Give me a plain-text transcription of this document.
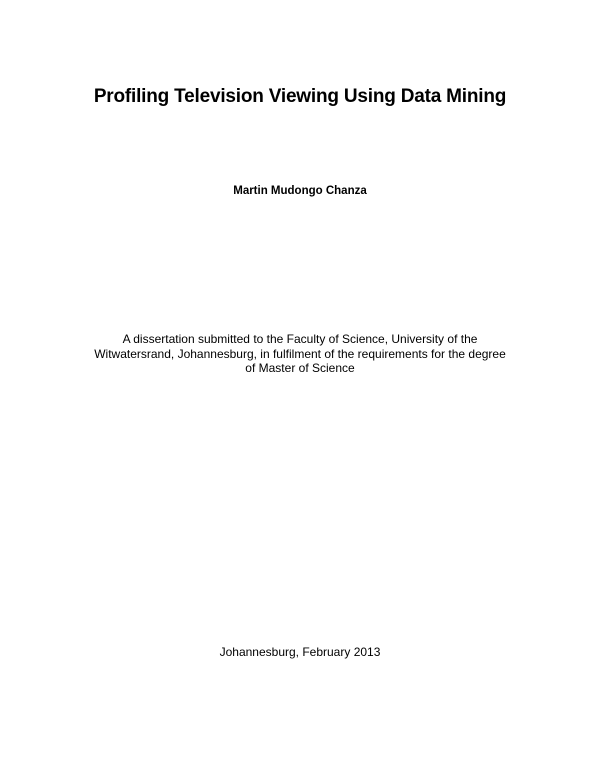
Profiling Television Viewing Using Data Mining
Martin Mudongo Chanza
A dissertation submitted to the Faculty of Science, University of the
Witwatersrand, Johannesburg, in fulfilment of the requirements for the degree
of Master of Science
Johannesburg, February 2013
